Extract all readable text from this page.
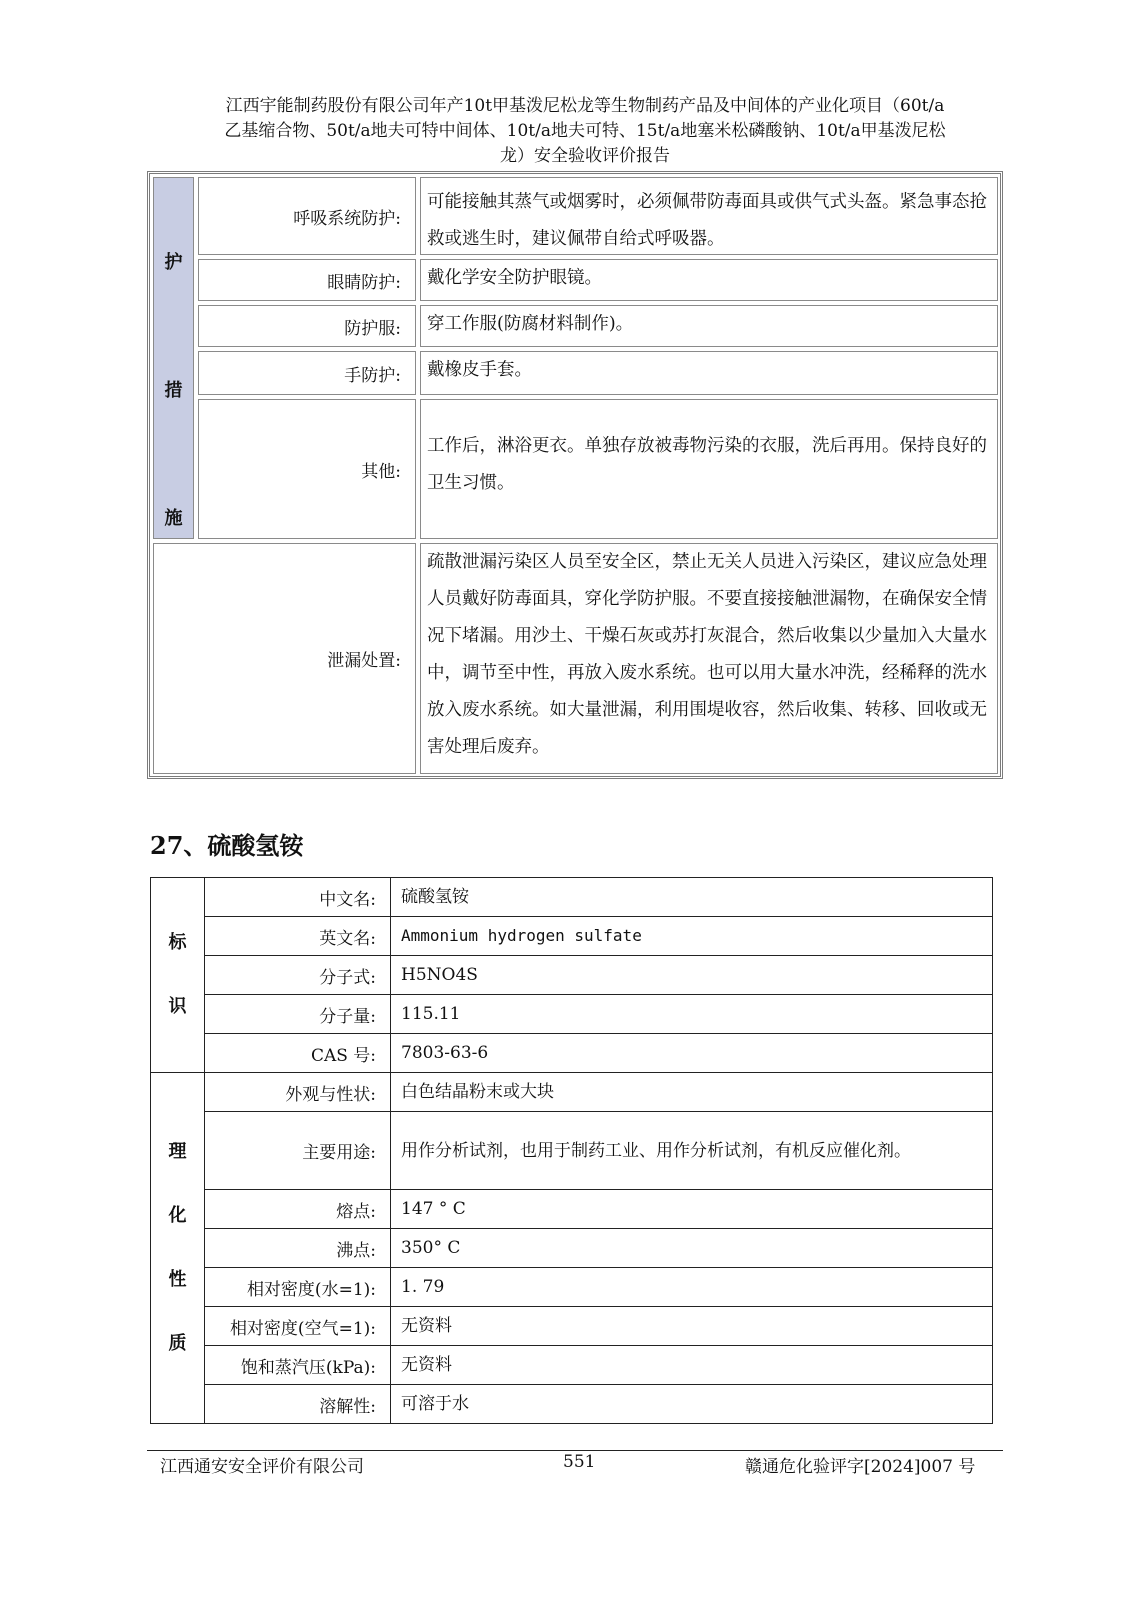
江西宇能制药股份有限公司年产10t甲基泼尼松龙等生物制药产品及中间体的产业化项目（60t/a
乙基缩合物、50t/a地夫可特中间体、10t/a地夫可特、15t/a地塞米松磷酸钠、10t/a甲基泼尼松
龙）安全验收评价报告
护
措
施
呼吸系统防护:
可能接触其蒸气或烟雾时，必须佩带防毒面具或供气式头盔。紧急事态抢救或逃生时，建议佩带自给式呼吸器。
眼睛防护:	戴化学安全防护眼镜。
防护服:	穿工作服(防腐材料制作)。
手防护:	戴橡皮手套。
其他:
工作后，淋浴更衣。单独存放被毒物污染的衣服，洗后再用。保持良好的卫生习惯。
泄漏处置:
疏散泄漏污染区人员至安全区，禁止无关人员进入污染区，建议应急处理人员戴好防毒面具，穿化学防护服。不要直接接触泄漏物，在确保安全情况下堵漏。用沙土、干燥石灰或苏打灰混合，然后收集以少量加入大量水中，调节至中性，再放入废水系统。也可以用大量水冲洗，经稀释的洗水放入废水系统。如大量泄漏，利用围堤收容，然后收集、转移、回收或无害处理后废弃。
27、硫酸氢铵
标
识	中文名:	硫酸氢铵
	英文名:	Ammonium hydrogen sulfate
	分子式:	H5NO4S
	分子量:	115.11
	CAS 号:	7803-63-6

理
化
性
质	外观与性状:	白色结晶粉末或大块
	主要用途:	用作分析试剂，也用于制药工业、用作分析试剂，有机反应催化剂。
	熔点:	147 ° C
	沸点:	350° C
	相对密度(水=1):	1. 79
	相对密度(空气=1):	无资料
	饱和蒸汽压(kPa):	无资料
	溶解性:	可溶于水
江西通安安全评价有限公司	551	赣通危化验评字[2024]007 号
